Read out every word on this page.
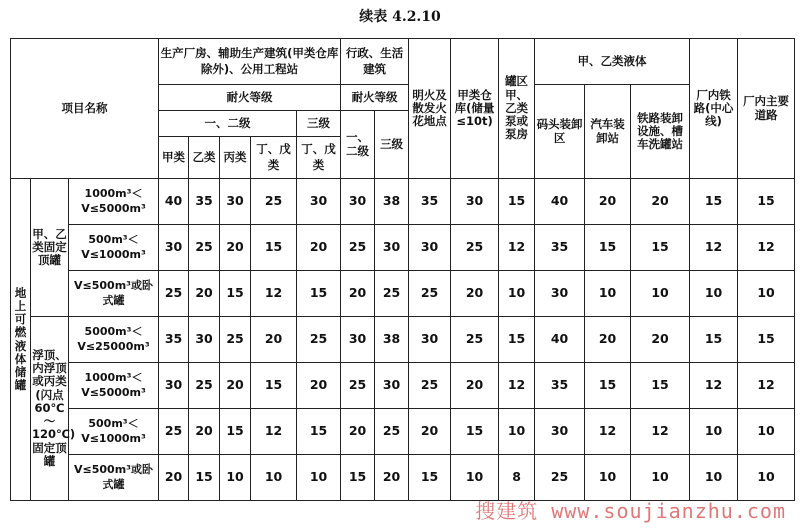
续表 4.2.10
项目名称			生产厂房、辅助生产建筑(甲类仓库除外)、公用工程站					行政、生活建筑		明火及散发火花地点	甲类仓库(储量≤10t)	罐区甲、乙类泵或泵房	甲、乙类液体			厂内铁路(中心线)	厂内主要道路
			耐火等级					耐火等级					码头装卸区	汽车装卸站	铁路装卸设施、槽车洗罐站		
			一、二级				三级	一、二级	三级								
			甲类	乙类	丙类	丁、戊类	丁、戊类										
地上可燃液体储罐	甲、乙类固定顶罐	1000m³＜V≤5000m³	40	35	30	25	30	30	38	35	30	15	40	20	20	15	15
		500m³＜V≤1000m³	30	25	20	15	20	25	30	30	25	12	35	15	15	12	12
		V≤500m³或卧式罐	25	20	15	12	15	20	25	25	20	10	30	10	10	10	10
	浮顶、内浮顶或丙类(闪点60℃～120℃)固定顶罐	5000m³＜V≤25000m³	35	30	25	20	25	30	38	30	25	15	40	20	20	15	15
		1000m³＜V≤5000m³	30	25	20	15	20	25	30	25	20	12	35	15	15	12	12
		500m³＜V≤1000m³	25	20	15	12	15	20	25	20	15	10	30	12	12	10	10
		V≤500m³或卧式罐	20	15	10	10	10	15	20	15	10	8	25	10	10	10	10
搜建筑 www.soujianzhu.com
